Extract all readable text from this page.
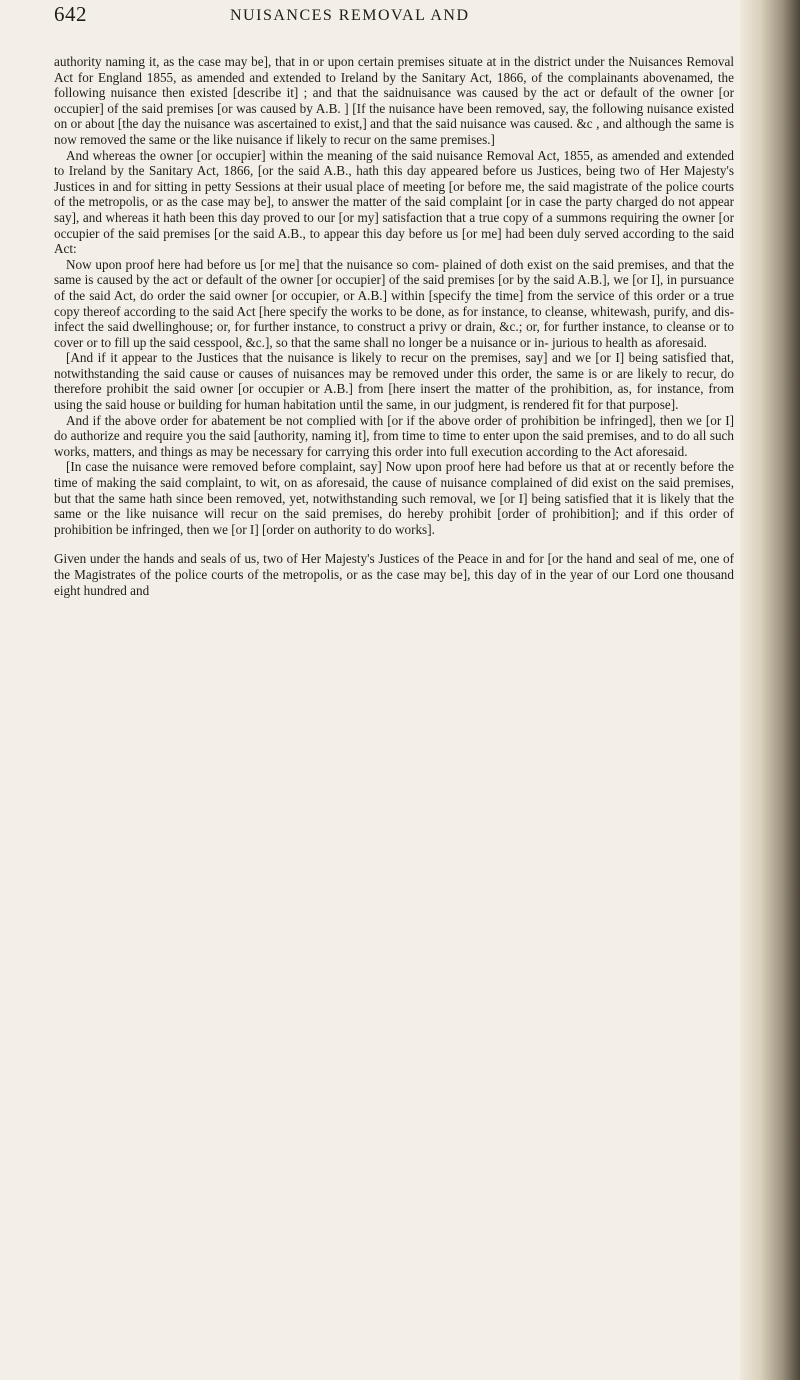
642	NUISANCES REMOVAL AND

authority naming it, as the case may be], that in or upon certain premises situate at in the district under the Nuisances Removal Act for England 1855, as amended and extended to Ireland by the Sanitary Act, 1866, of the complainants abovenamed, the following nuisance then existed [describe it] ; and that the saidnuisance was caused by the act or default of the owner [or occupier] of the said premises [or was caused by A.B. ] [If the nuisance have been removed, say, the following nuisance existed on or about [the day the nuisance was ascertained to exist,] and that the said nuisance was caused. &c , and although the same is now removed the same or the like nuisance if likely to recur on the same premises.]

And whereas the owner [or occupier] within the meaning of the said nuisance Removal Act, 1855, as amended and extended to Ireland by the Sanitary Act, 1866, [or the said A.B., hath this day appeared before us Justices, being two of Her Majesty's Justices in and for sitting in petty Sessions at their usual place of meeting [or before me, the said magistrate of the police courts of the metropolis, or as the case may be], to answer the matter of the said complaint [or in case the party charged do not appear say], and whereas it hath been this day proved to our [or my] satisfaction that a true copy of a summons requiring the owner [or occupier of the said premises [or the said A.B., to appear this day before us [or me] had been duly served according to the said Act:

Now upon proof here had before us [or me] that the nuisance so com- plained of doth exist on the said premises, and that the same is caused by the act or default of the owner [or occupier] of the said premises [or by the said A.B.], we [or I], in pursuance of the said Act, do order the said owner [or occupier, or A.B.] within [specify the time] from the service of this order or a true copy thereof according to the said Act [here specify the works to be done, as for instance, to cleanse, whitewash, purify, and dis- infect the said dwellinghouse; or, for further instance, to construct a privy or drain, &c.; or, for further instance, to cleanse or to cover or to fill up the said cesspool, &c.], so that the same shall no longer be a nuisance or in- jurious to health as aforesaid.

[And if it appear to the Justices that the nuisance is likely to recur on the premises, say] and we [or I] being satisfied that, notwithstanding the said cause or causes of nuisances may be removed under this order, the same is or are likely to recur, do therefore prohibit the said owner [or occupier or A.B.] from [here insert the matter of the prohibition, as, for instance, from using the said house or building for human habitation until the same, in our judgment, is rendered fit for that purpose].

And if the above order for abatement be not complied with [or if the above order of prohibition be infringed], then we [or I] do authorize and require you the said [authority, naming it], from time to time to enter upon the said premises, and to do all such works, matters, and things as may be necessary for carrying this order into full execution according to the Act aforesaid.

[In case the nuisance were removed before complaint, say] Now upon proof here had before us that at or recently before the time of making the said complaint, to wit, on as aforesaid, the cause of nuisance complained of did exist on the said premises, but that the same hath since been removed, yet, notwithstanding such removal, we [or I] being satisfied that it is likely that the same or the like nuisance will recur on the said premises, do hereby prohibit [order of prohibition]; and if this order of prohibition be infringed, then we [or I] [order on authority to do works].

Given under the hands and seals of us, two of Her Majesty's Justices of the Peace in and for [or the hand and seal of me, one of the Magistrates of the police courts of the metropolis, or as the case may be], this day of in the year of our Lord one thousand eight hundred and
